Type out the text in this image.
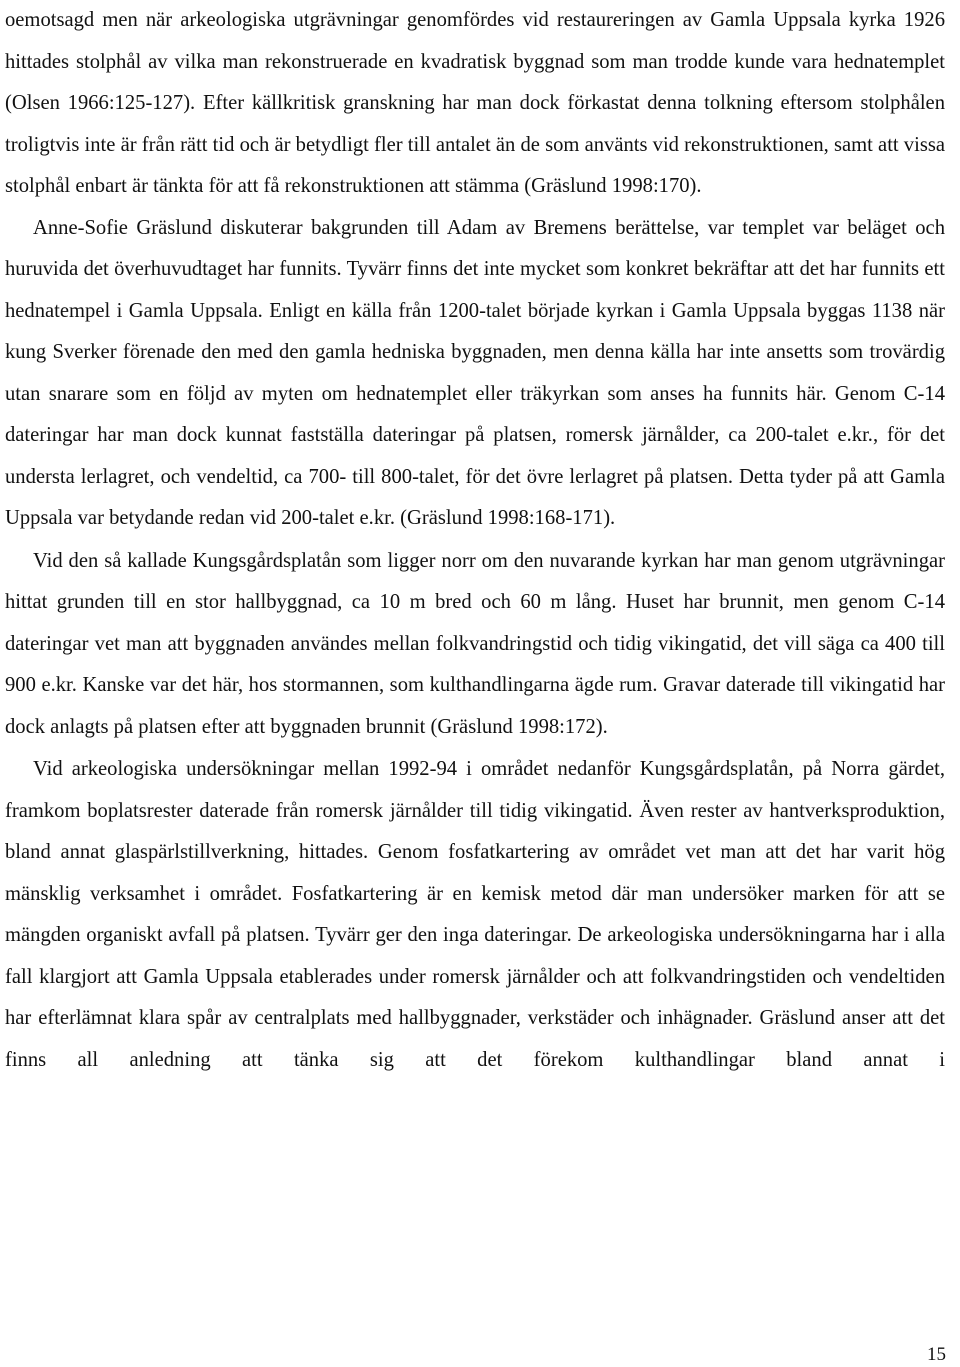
oemotsagd men när arkeologiska utgrävningar genomfördes vid restaureringen av Gamla Uppsala kyrka 1926 hittades stolphål av vilka man rekonstruerade en kvadratisk byggnad som man trodde kunde vara hednatemplet (Olsen 1966:125-127). Efter källkritisk granskning har man dock förkastat denna tolkning eftersom stolphålen troligtvis inte är från rätt tid och är betydligt fler till antalet än de som använts vid rekonstruktionen, samt att vissa stolphål enbart är tänkta för att få rekonstruktionen att stämma (Gräslund 1998:170).

Anne-Sofie Gräslund diskuterar bakgrunden till Adam av Bremens berättelse, var templet var beläget och huruvida det överhuvudtaget har funnits. Tyvärr finns det inte mycket som konkret bekräftar att det har funnits ett hednatempel i Gamla Uppsala. Enligt en källa från 1200-talet började kyrkan i Gamla Uppsala byggas 1138 när kung Sverker förenade den med den gamla hedniska byggnaden, men denna källa har inte ansetts som trovärdig utan snarare som en följd av myten om hednatemplet eller träkyrkan som anses ha funnits här. Genom C-14 dateringar har man dock kunnat fastställa dateringar på platsen, romersk järnålder, ca 200-talet e.kr., för det understa lerlagret, och vendeltid, ca 700- till 800-talet, för det övre lerlagret på platsen. Detta tyder på att Gamla Uppsala var betydande redan vid 200-talet e.kr. (Gräslund 1998:168-171).

Vid den så kallade Kungsgårdsplatån som ligger norr om den nuvarande kyrkan har man genom utgrävningar hittat grunden till en stor hallbyggnad, ca 10 m bred och 60 m lång. Huset har brunnit, men genom C-14 dateringar vet man att byggnaden användes mellan folkvandringstid och tidig vikingatid, det vill säga ca 400 till 900 e.kr. Kanske var det här, hos stormannen, som kulthandlingarna ägde rum. Gravar daterade till vikingatid har dock anlagts på platsen efter att byggnaden brunnit (Gräslund 1998:172).

Vid arkeologiska undersökningar mellan 1992-94 i området nedanför Kungsgårdsplatån, på Norra gärdet, framkom boplatsrester daterade från romersk järnålder till tidig vikingatid. Även rester av hantverksproduktion, bland annat glaspärlstillverkning, hittades. Genom fosfatkartering av området vet man att det har varit hög mänsklig verksamhet i området. Fosfatkartering är en kemisk metod där man undersöker marken för att se mängden organiskt avfall på platsen. Tyvärr ger den inga dateringar. De arkeologiska undersökningarna har i alla fall klargjort att Gamla Uppsala etablerades under romersk järnålder och att folkvandringstiden och vendeltiden har efterlämnat klara spår av centralplats med hallbyggnader, verkstäder och inhägnader. Gräslund anser att det finns all anledning att tänka sig att det förekom kulthandlingar bland annat i

15
